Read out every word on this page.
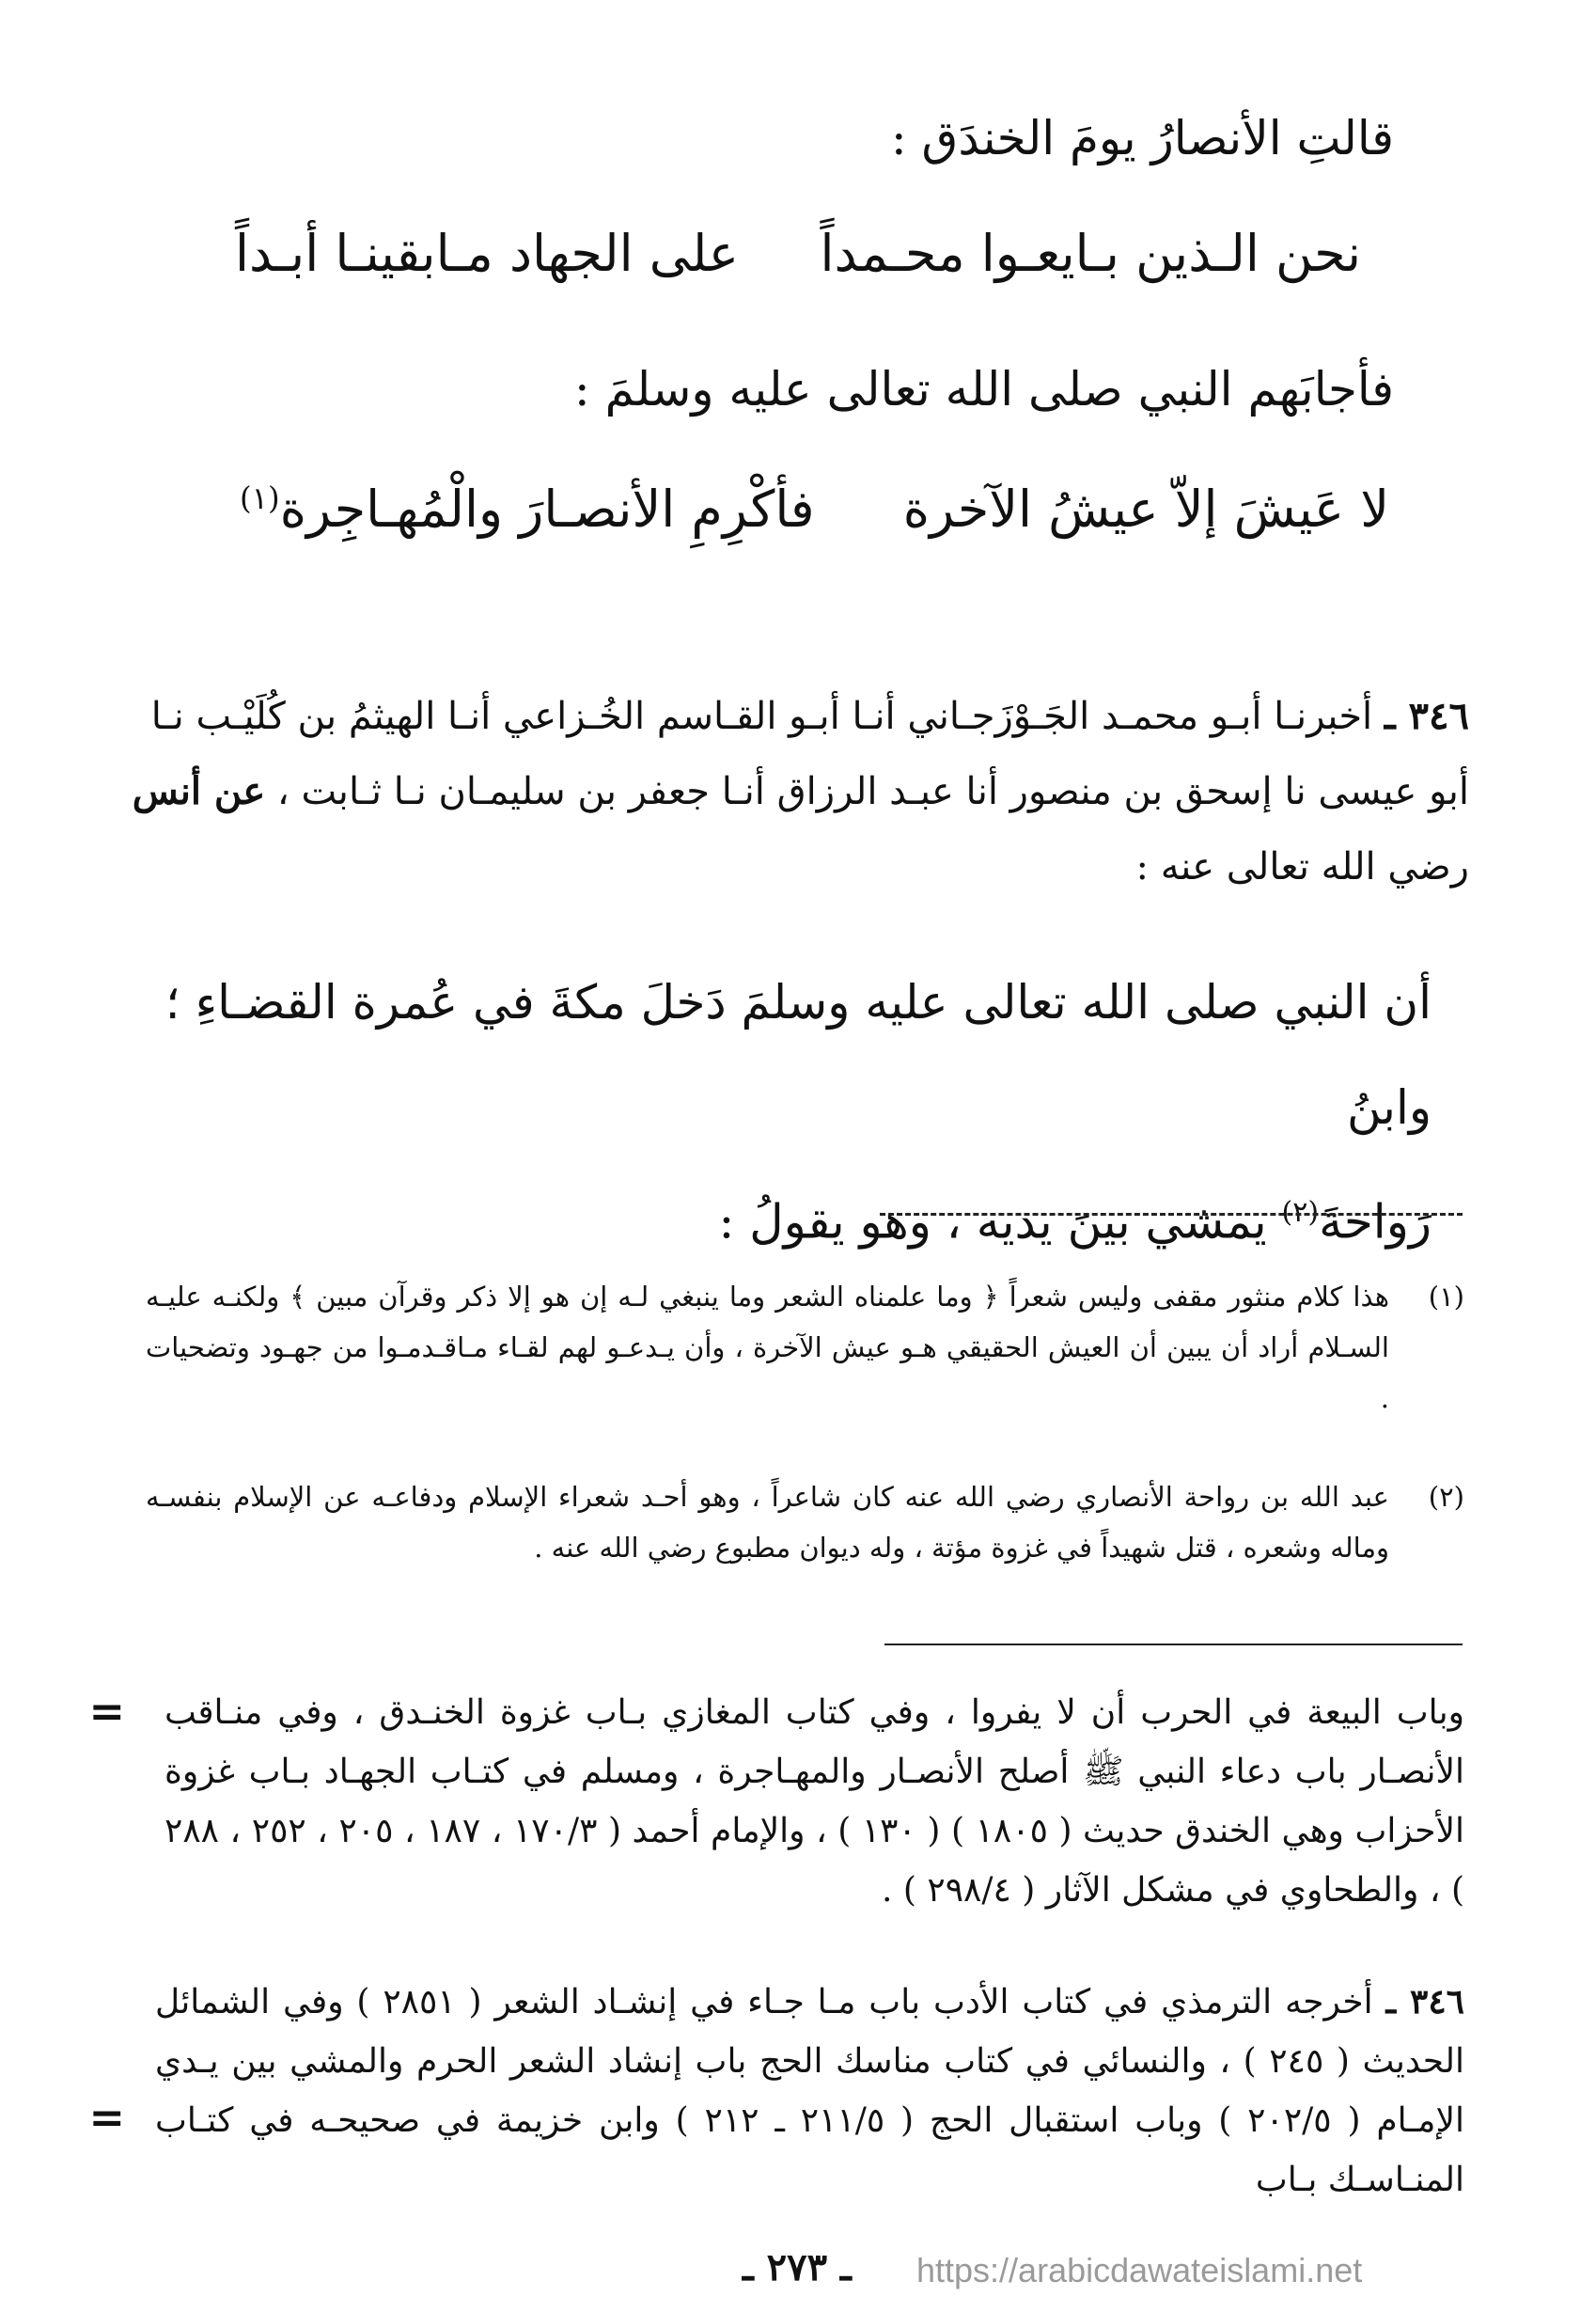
قالتِ الأنصارُ يومَ الخندَق :
نحن الـذين بـايعـوا محـمداً
على الجهاد مـابقينـا أبـداً
فأجابَهم النبي صلى الله تعالى عليه وسلمَ :
لا عَيشَ إلاّ عيشُ الآخرة
فأكْرِمِ الأنصـارَ والْمُهـاجِرة$^{(١)}$
٣٤٦ ـ أخبرنـا أبـو محمـد الجَـوْزَجـاني أنـا أبـو القـاسم الخُـزاعي أنـا الهيثمُ بن كُلَيْـب نـا
أبو عيسى نا إسحق بن منصور أنا عبـد الرزاق أنـا جعفر بن سليمـان نـا ثـابت ، عن أنس
رضي الله تعالى عنه :
أن النبي صلى الله تعالى عليه وسلمَ دَخلَ مكةَ في عُمرة القضـاءِ ؛ وابنُ
رَواحةَ$^{(٢)}$ يمشي بينَ يديه ، وهو يقولُ :
(١)
هذا كلام منثور مقفى وليس شعراً ﴿ وما علمناه الشعر وما ينبغي لـه إن هو إلا ذكر وقرآن مبين ﴾ ولكنـه عليـه السـلام أراد أن يبين أن العيش الحقيقي هـو عيش الآخرة ، وأن يـدعـو لهم لقـاء مـاقـدمـوا من جهـود وتضحيات .
(٢)
عبد الله بن رواحة الأنصاري رضي الله عنه كان شاعراً ، وهو أحـد شعراء الإسلام ودفاعـه عن الإسلام بنفسـه وماله وشعره ، قتل شهيداً في غزوة مؤتة ، وله ديوان مطبوع رضي الله عنه .
= وباب البيعة في الحرب أن لا يفروا ، وفي كتاب المغازي بـاب غزوة الخنـدق ، وفي منـاقب الأنصـار باب دعاء النبي ﷺ أصلح الأنصـار والمهـاجرة ، ومسلم في كتـاب الجهـاد بـاب غزوة الأحزاب وهي الخندق حديث ( ١٨٠٥ ) ( ١٣٠ ) ، والإمام أحمد ( ١٧٠/٣ ، ١٨٧ ، ٢٠٥ ، ٢٥٢ ، ٢٨٨ ) ، والطحاوي في مشكل الآثار ( ٢٩٨/٤ ) .
٣٤٦ ـ أخرجه الترمذي في كتاب الأدب باب مـا جـاء في إنشـاد الشعر ( ٢٨٥١ ) وفي الشمائل الحديث ( ٢٤٥ ) ، والنسائي في كتاب مناسك الحج باب إنشاد الشعر الحرم والمشي بين يـدي الإمـام ( ٢٠٢/٥ ) وباب استقبال الحج ( ٢١١/٥ ـ ٢١٢ ) وابن خزيمة في صحيحـه في كتـاب المنـاسـك بـاب
=
ـ ٢٧٣ ـ https://arabicdawateislami.net
